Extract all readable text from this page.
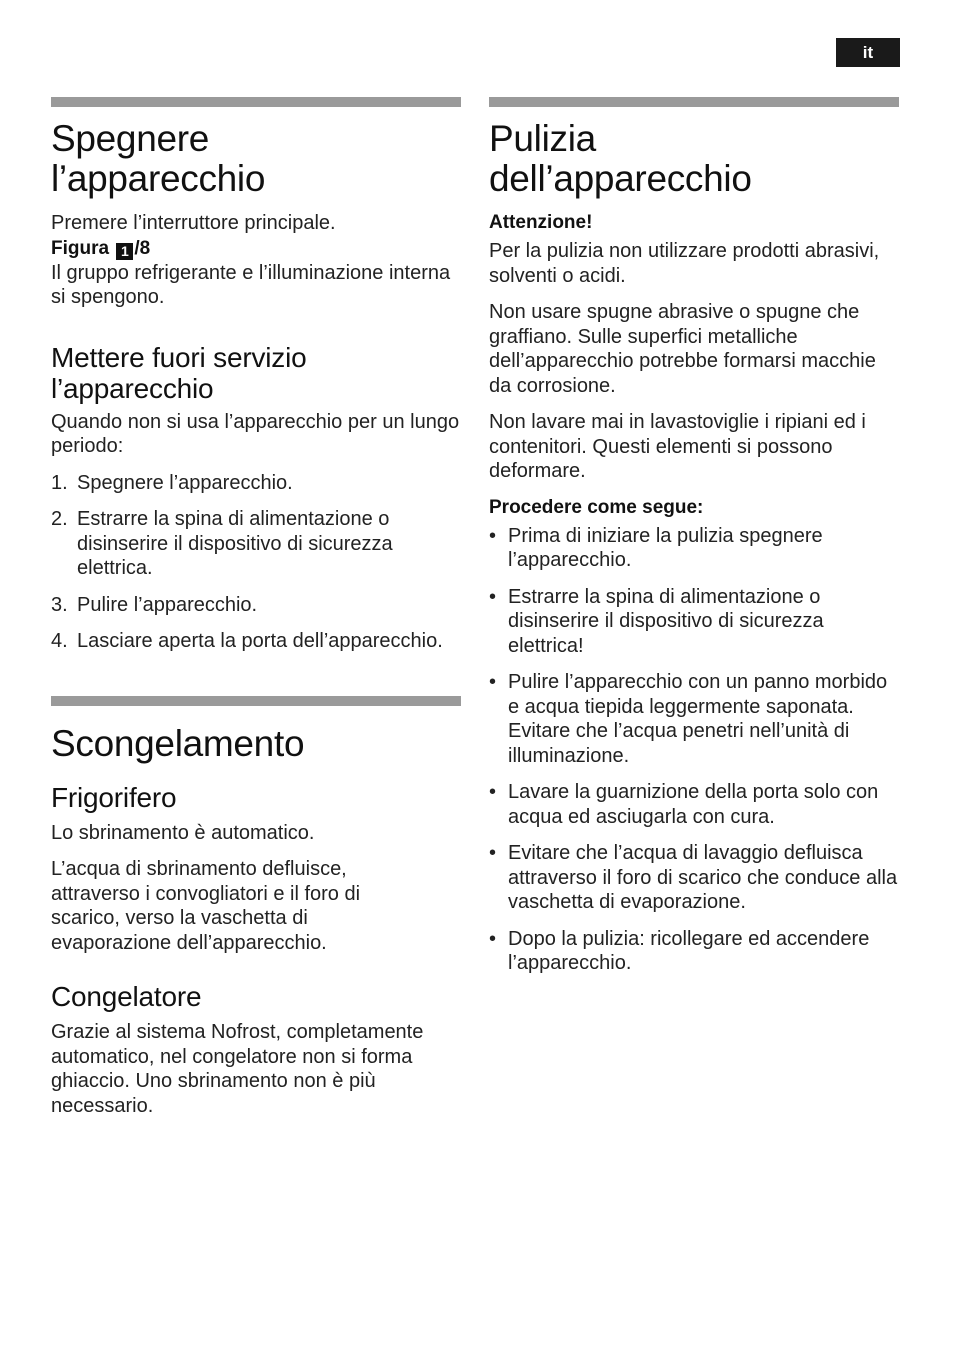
it
Spegnere
l’apparecchio

Premere l’interruttore principale.
Figura 1 /8
Il gruppo refrigerante e l’illuminazione interna si spengono.

Mettere fuori servizio
l’apparecchio

Quando non si usa l’apparecchio per un lungo periodo:

1. Spegnere l’apparecchio.
2. Estrarre la spina di alimentazione o disinserire il dispositivo di sicurezza elettrica.
3. Pulire l’apparecchio.
4. Lasciare aperta la porta dell’apparecchio.
Scongelamento
Frigorifero

Lo sbrinamento è automatico.

L’acqua di sbrinamento defluisce, attraverso i convogliatori e il foro di scarico, verso la vaschetta di evaporazione dell’apparecchio.

Congelatore

Grazie al sistema Nofrost, completamente automatico, nel congelatore non si forma ghiaccio. Uno sbrinamento non è più necessario.

Pulizia
dell’apparecchio
Attenzione!

Per la pulizia non utilizzare prodotti abrasivi, solventi o acidi.

Non usare spugne abrasive o spugne che graffiano. Sulle superfici metalliche dell’apparecchio potrebbe formarsi macchie da corrosione.

Non lavare mai in lavastoviglie i ripiani ed i contenitori. Questi elementi si possono deformare.

Procedere come segue:
• Prima di iniziare la pulizia spegnere l’apparecchio.
• Estrarre la spina di alimentazione o disinserire il dispositivo di sicurezza elettrica!
• Pulire l’apparecchio con un panno morbido e acqua tiepida leggermente saponata. Evitare che l’acqua penetri nell’unità di illuminazione.
• Lavare la guarnizione della porta solo con acqua ed asciugarla con cura.
• Evitare che l’acqua di lavaggio defluisca attraverso il foro di scarico che conduce alla vaschetta di evaporazione.
• Dopo la pulizia: ricollegare ed accendere l’apparecchio.
